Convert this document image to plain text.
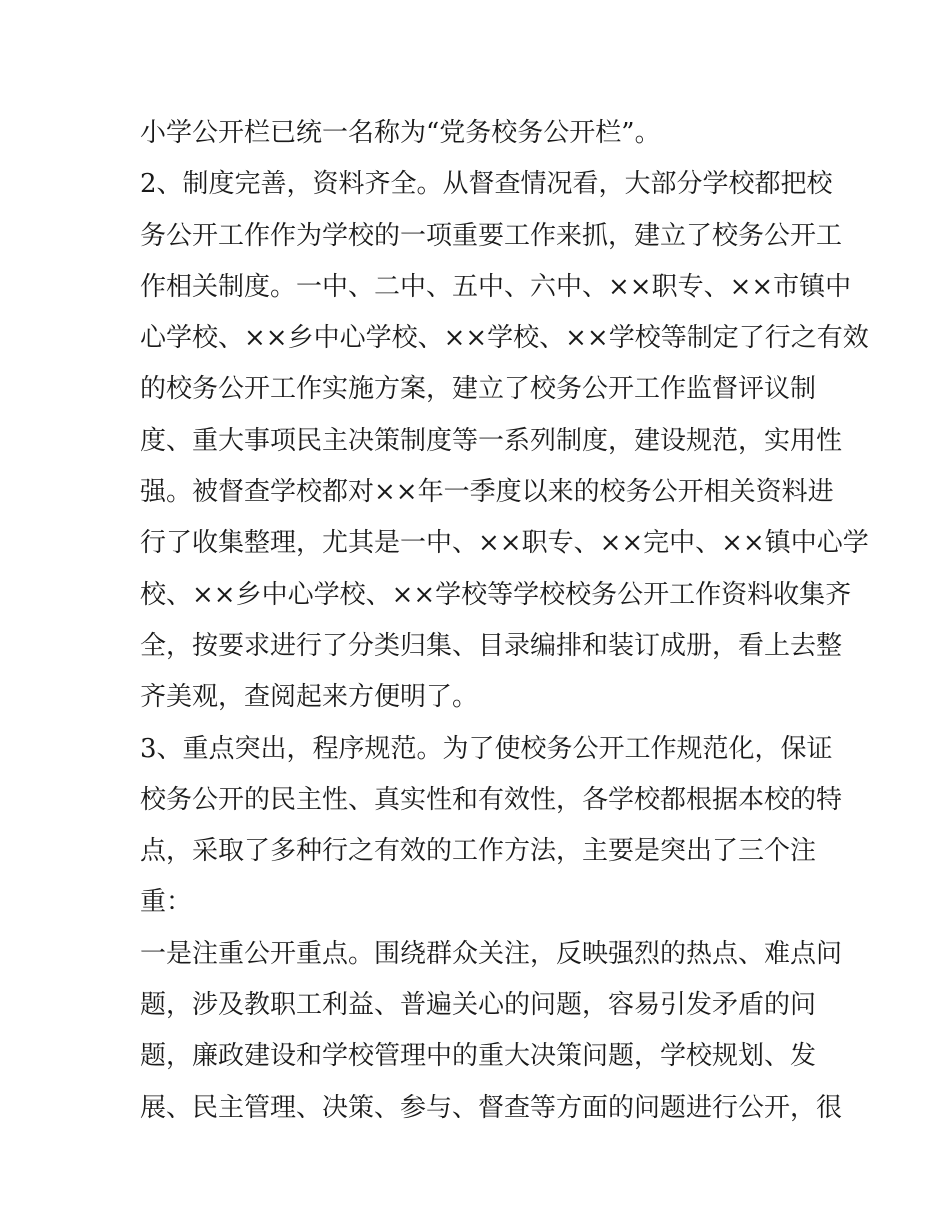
小学公开栏已统一名称为“党务校务公开栏”。
2、制度完善，资料齐全。从督查情况看，大部分学校都把校
务公开工作作为学校的一项重要工作来抓，建立了校务公开工
作相关制度。一中、二中、五中、六中、××职专、××市镇中
心学校、××乡中心学校、××学校、××学校等制定了行之有效
的校务公开工作实施方案，建立了校务公开工作监督评议制
度、重大事项民主决策制度等一系列制度，建设规范，实用性
强。被督查学校都对××年一季度以来的校务公开相关资料进
行了收集整理，尤其是一中、××职专、××完中、××镇中心学
校、××乡中心学校、××学校等学校校务公开工作资料收集齐
全，按要求进行了分类归集、目录编排和装订成册，看上去整
齐美观，查阅起来方便明了。
3、重点突出，程序规范。为了使校务公开工作规范化，保证
校务公开的民主性、真实性和有效性，各学校都根据本校的特
点，采取了多种行之有效的工作方法，主要是突出了三个注
重：
一是注重公开重点。围绕群众关注，反映强烈的热点、难点问
题，涉及教职工利益、普遍关心的问题，容易引发矛盾的问
题，廉政建设和学校管理中的重大决策问题，学校规划、发
展、民主管理、决策、参与、督查等方面的问题进行公开，很
